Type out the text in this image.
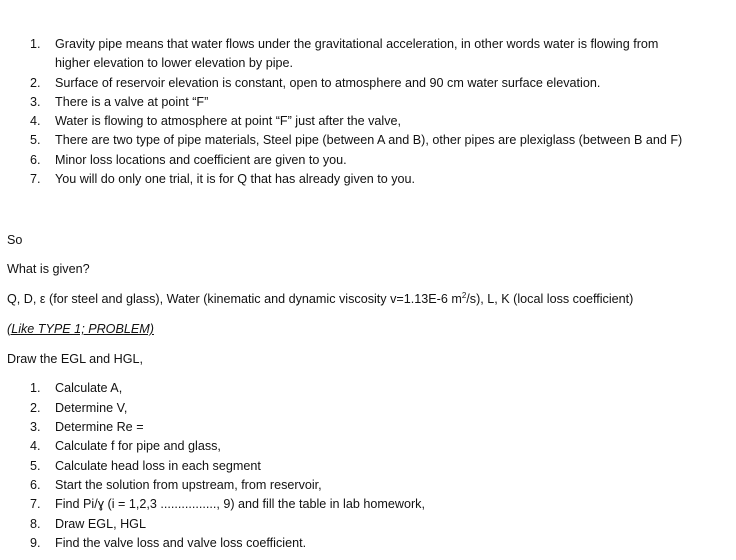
1.	Gravity pipe means that water flows under the gravitational acceleration, in other words water is flowing from
higher elevation to lower elevation by pipe.
2.	Surface of reservoir elevation is constant, open to atmosphere and 90 cm water surface elevation.
3.	There is a valve at point “F”
4.	Water is flowing to atmosphere at point “F” just after the valve,
5.	There are two type of pipe materials, Steel pipe (between A and B), other pipes are plexiglass (between B and F)
6.	Minor loss locations and coefficient are given to you.
7.	You will do only one trial, it is for Q that has already given to you.
So
What is given?
Q, D, ε (for steel and glass), Water (kinematic and dynamic viscosity v=1.13E-6 $m^2/s$), L, K (local loss coefficient)
(Like TYPE 1; PROBLEM)
Draw the EGL and HGL,
1.	Calculate A,
2.	Determine V,
3.	Determine Re =
4.	Calculate f for pipe and glass,
5.	Calculate head loss in each segment
6.	Start the solution from upstream, from reservoir,
7.	Find Pi/ɣ (i = 1,2,3 ................, 9) and fill the table in lab homework,
8.	Draw EGL, HGL
9.	Find the valve loss and valve loss coefficient.
